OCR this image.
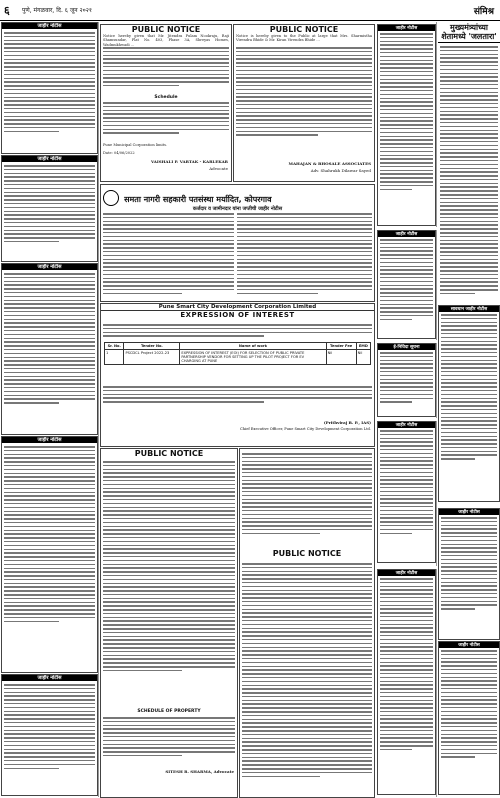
६ पुणे, मंगळवार, दि. ६ जून २०२१	संमिश्र
जाहीर नोटीस
जाहीर नोटीस
जाहीर नोटीस
जाहीर नोटीस
जाहीर नोटीस
PUBLIC NOTICE
Notice hereby given that Mr. Jitendra Pulam Nookraju, Raji Shamsundar, Flat No. 403, Phase 3A, Shreyas Homes, Wadmukhwadi ...
Schedule
Pune Municipal Corporation limits.
Date: 04/06/2022
VAISHALI P. VARTAK - KARLEKAR
Advocate
PUBLIC NOTICE
Notice is hereby given to the Public at large that Mrs. Sharmistha Virendra Bhide & Mr. Kiran Virendra Bhide ...
MAHAJAN & BHOSALE ASSOCIATES
Adv. Shahrukh Dilawar Sayed
जाहीर नोटीस	मुख्यमंत्र्यांच्या शेतामध्ये 'जलतारा'
समता नागरी सहकारी पतसंस्था मर्यादित, कोपरगाव
कर्जदार व जामीनदार यांना जप्तीची जाहीर नोटीस
जाहीर नोटीस
सावधान जाहीर नोटीस
ई-निविदा सूचना
Pune Smart City Development Corporation Limited
EXPRESSION OF INTEREST
Sr. No.	Tender No.	Name of work	Tender Fee	EMD
1	PSCDCL Project 2022-23	EXPRESSION OF INTEREST (EOI) FOR SELECTION OF PUBLIC PRIVATE PARTNERSHIP VENDOR FOR SETTING UP THE PILOT PROJECT FOR EV CHARGING AT PUNE	Nil	Nil
(Prithviraj B. P., IAS)
Chief Executive Officer, Pune Smart City Development Corporation Ltd.
जाहीर नोटीस
PUBLIC NOTICE
SCHEDULE OF PROPERTY
SITESH R. SHARMA, Advocate
PUBLIC NOTICE
जाहीर नोटीस
जाहीर नोटीस
जाहीर नोटीस
